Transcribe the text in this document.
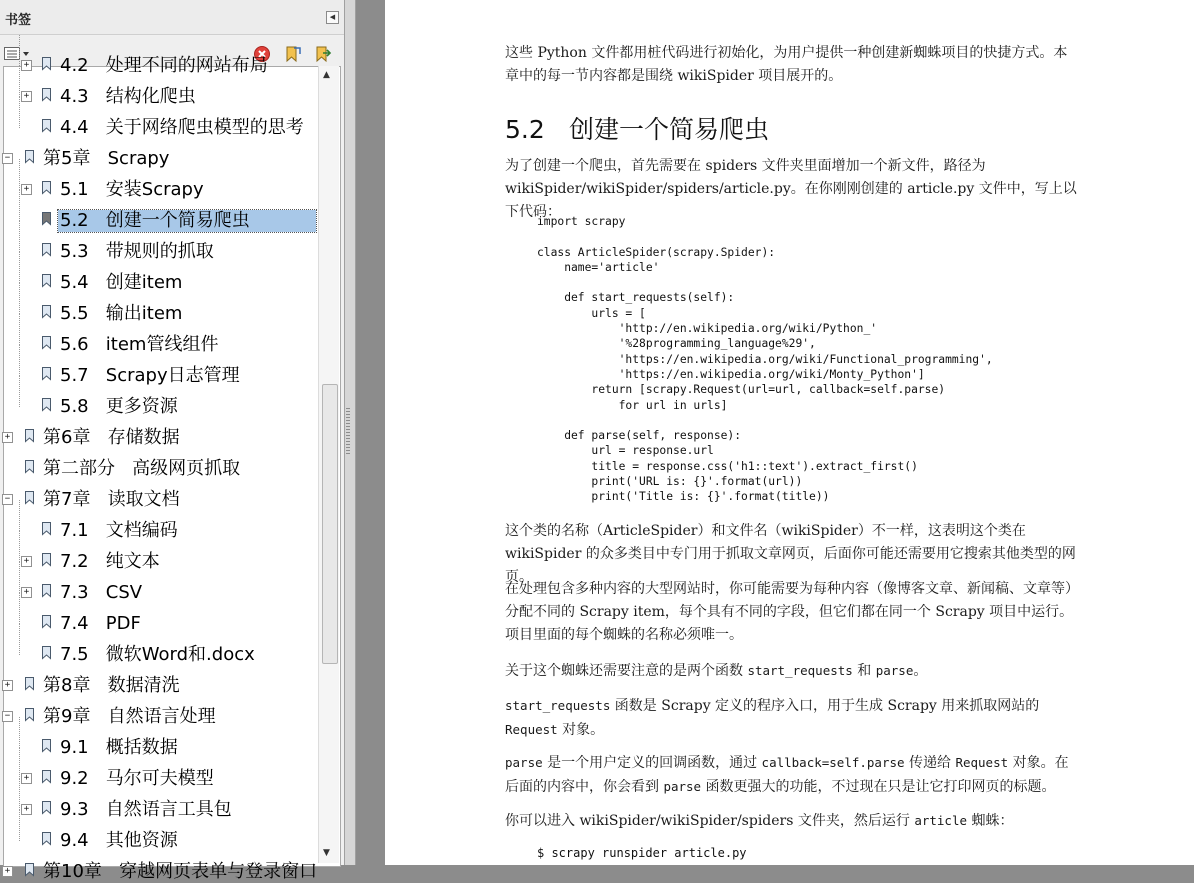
书签	◀
+ 4.2   处理不同的网站布局
+ 4.3   结构化爬虫
4.4   关于网络爬虫模型的思考
− 第5章   Scrapy
+ 5.1   安装Scrapy
5.2   创建一个简易爬虫
5.3   带规则的抓取
5.4   创建item
5.5   输出item
5.6   item管线组件
5.7   Scrapy日志管理
5.8   更多资源
+ 第6章   存储数据
第二部分   高级网页抓取
− 第7章   读取文档
7.1   文档编码
+ 7.2   纯文本
+ 7.3   CSV
7.4   PDF
7.5   微软Word和.docx
+ 第8章   数据清洗
− 第9章   自然语言处理
9.1   概括数据
+ 9.2   马尔可夫模型
+ 9.3   自然语言工具包
9.4   其他资源
+ 第10章   穿越网页表单与登录窗口
▲
▼

这些 Python 文件都用桩代码进行初始化，为用户提供一种创建新蜘蛛项目的快捷方式。本章中的每一节内容都是围绕 wikiSpider 项目展开的。

5.2 创建一个简易爬虫

为了创建一个爬虫，首先需要在 spiders 文件夹里面增加一个新文件，路径为 wikiSpider/wikiSpider/spiders/article.py。在你刚刚创建的 article.py 文件中，写上以下代码：

import scrapy

class ArticleSpider(scrapy.Spider):
name='article'

def start_requests(self):
urls = [
'http://en.wikipedia.org/wiki/Python_'
'%28programming_language%29',
'https://en.wikipedia.org/wiki/Functional_programming',
'https://en.wikipedia.org/wiki/Monty_Python']
return [scrapy.Request(url=url, callback=self.parse)
for url in urls]

def parse(self, response):
url = response.url
title = response.css('h1::text').extract_first()
print('URL is: {}'.format(url))
print('Title is: {}'.format(title))

这个类的名称（ArticleSpider）和文件名（wikiSpider）不一样，这表明这个类在 wikiSpider 的众多类目中专门用于抓取文章网页，后面你可能还需要用它搜索其他类型的网页。

在处理包含多种内容的大型网站时，你可能需要为每种内容（像博客文章、新闻稿、文章等）分配不同的 Scrapy item，每个具有不同的字段，但它们都在同一个 Scrapy 项目中运行。项目里面的每个蜘蛛的名称必须唯一。

关于这个蜘蛛还需要注意的是两个函数 start_requests 和 parse。

start_requests 函数是 Scrapy 定义的程序入口，用于生成 Scrapy 用来抓取网站的 Request 对象。

parse 是一个用户定义的回调函数，通过 callback=self.parse 传递给 Request 对象。在后面的内容中，你会看到 parse 函数更强大的功能，不过现在只是让它打印网页的标题。

你可以进入 wikiSpider/wikiSpider/spiders 文件夹，然后运行 article 蜘蛛：

$ scrapy runspider article.py
